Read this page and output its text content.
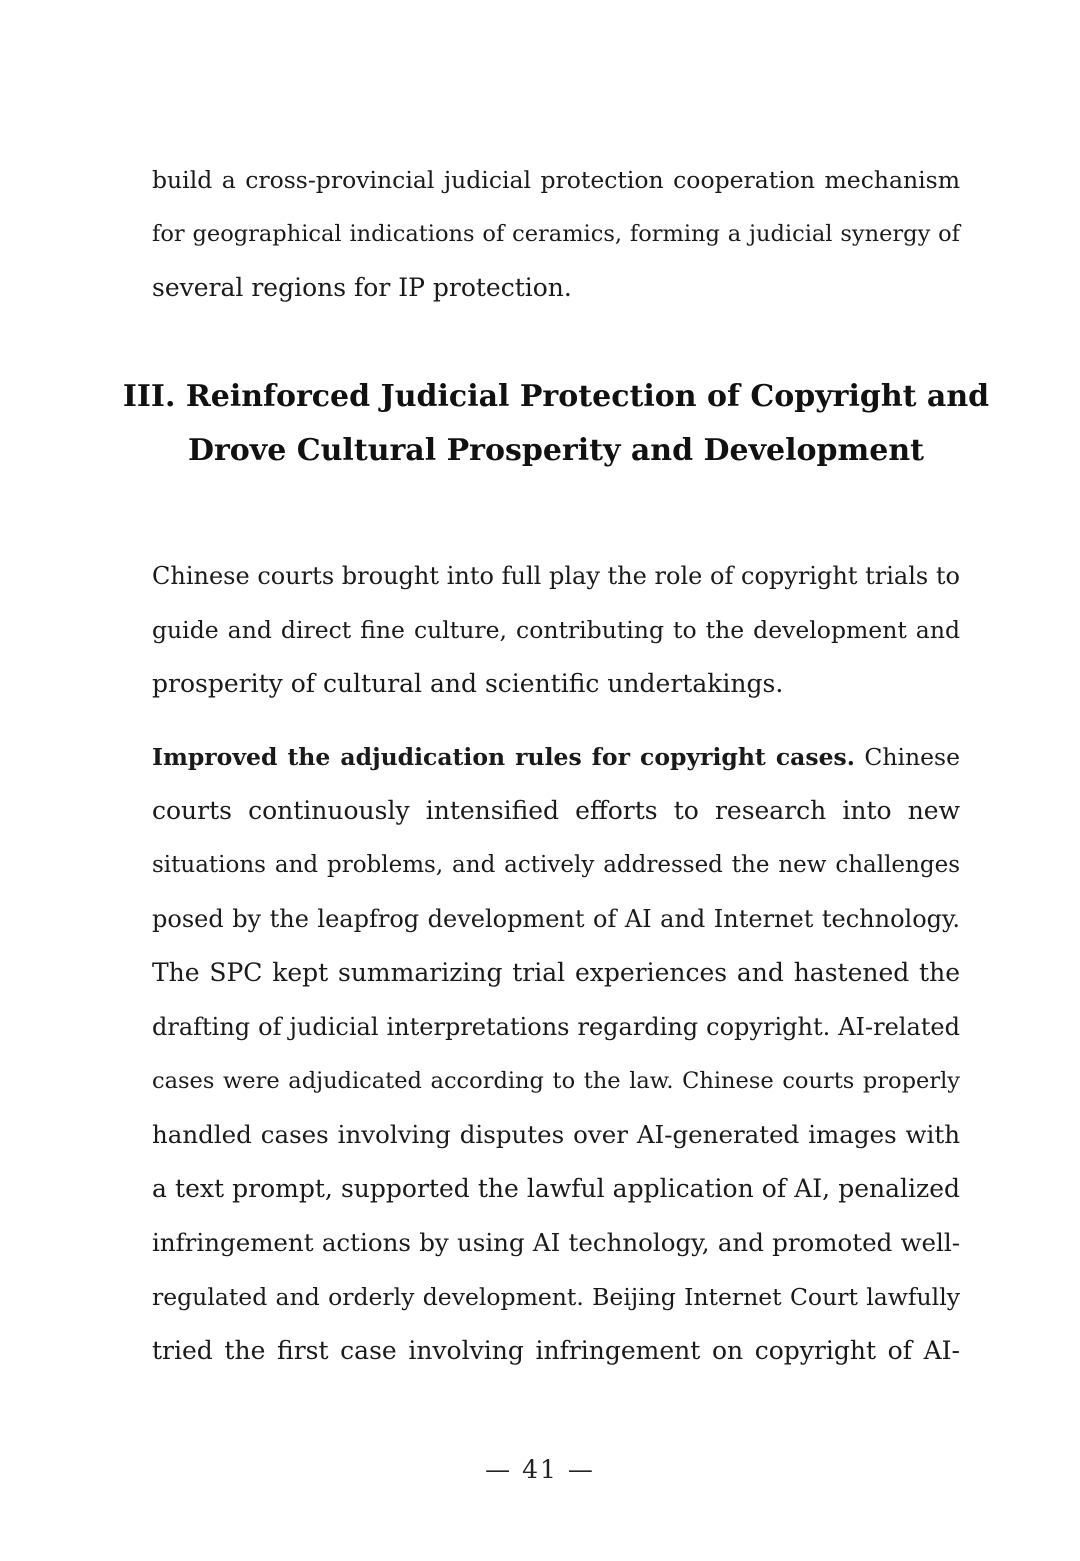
build a cross-provincial judicial protection cooperation mechanism
for geographical indications of ceramics, forming a judicial synergy of
several regions for IP protection.

III. Reinforced Judicial Protection of Copyright and
Drove Cultural Prosperity and Development

Chinese courts brought into full play the role of copyright trials to
guide and direct fine culture, contributing to the development and
prosperity of cultural and scientific undertakings.

Improved the adjudication rules for copyright cases. Chinese
courts continuously intensified efforts to research into new
situations and problems, and actively addressed the new challenges
posed by the leapfrog development of AI and Internet technology.
The SPC kept summarizing trial experiences and hastened the
drafting of judicial interpretations regarding copyright. AI-related
cases were adjudicated according to the law. Chinese courts properly
handled cases involving disputes over AI-generated images with
a text prompt, supported the lawful application of AI, penalized
infringement actions by using AI technology, and promoted well-
regulated and orderly development. Beijing Internet Court lawfully
tried the first case involving infringement on copyright of AI-

— 41 —
